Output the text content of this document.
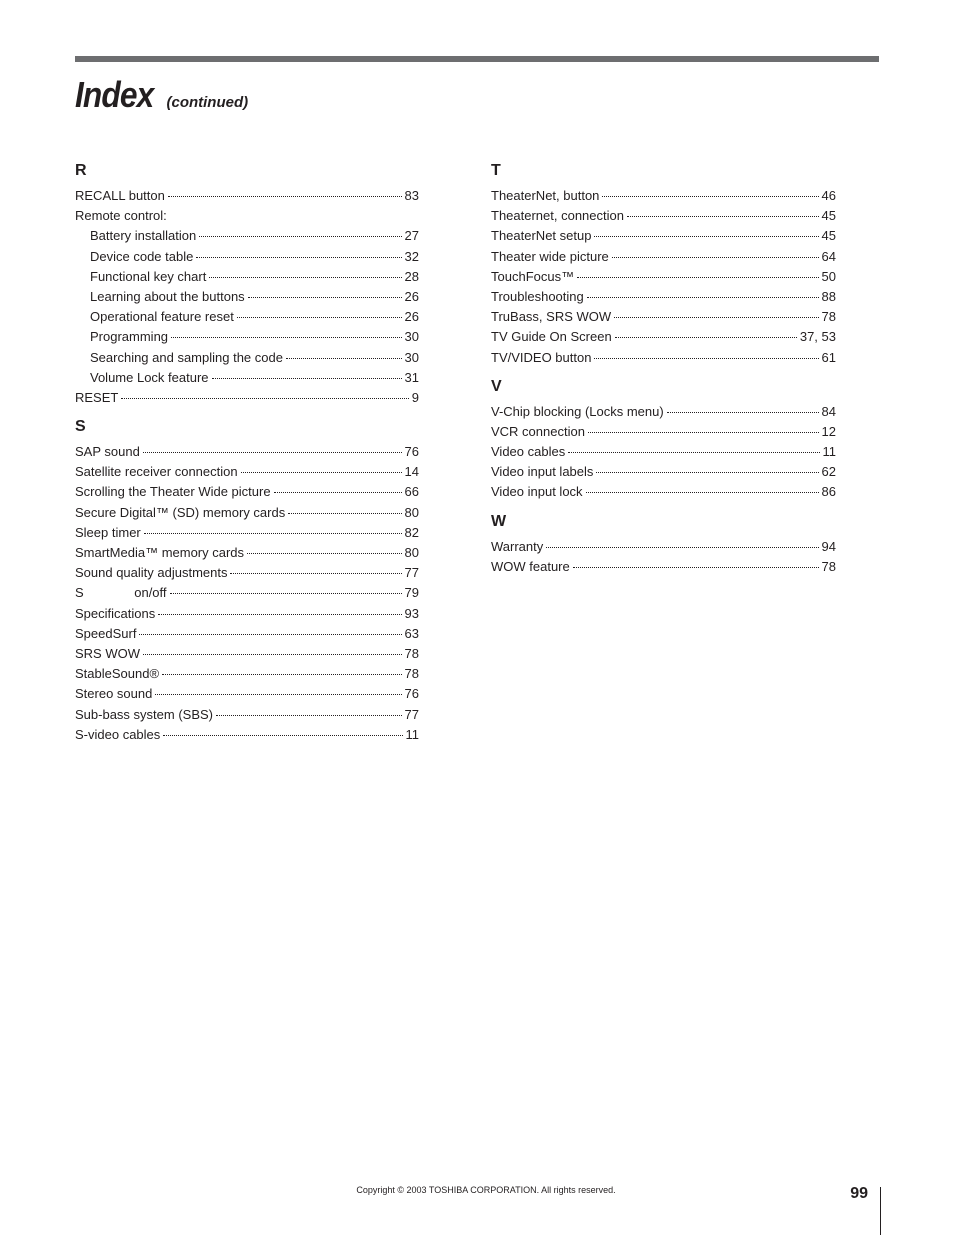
Index (continued)
R
RECALL button	83
Remote control:
Battery installation	27
Device code table	32
Functional key chart	28
Learning about the buttons	26
Operational feature reset	26
Programming	30
Searching and sampling the code	30
Volume Lock feature	31
RESET	9
S
SAP sound	76
Satellite receiver connection	14
Scrolling the Theater Wide picture	66
Secure Digital™ (SD) memory cards	80
Sleep timer	82
SmartMedia™ memory cards	80
Sound quality adjustments	77
S              on/off	79
Specifications	93
SpeedSurf	63
SRS WOW	78
StableSound®	78
Stereo sound	76
Sub-bass system (SBS)	77
S-video cables	11
T
TheaterNet, button	46
Theaternet, connection	45
TheaterNet setup	45
Theater wide picture	64
TouchFocus™	50
Troubleshooting	88
TruBass, SRS WOW	78
TV Guide On Screen	37, 53
TV/VIDEO button	61
V
V-Chip blocking (Locks menu)	84
VCR connection	12
Video cables	11
Video input labels	62
Video input lock	86
W
Warranty	94
WOW feature	78
Copyright © 2003 TOSHIBA CORPORATION. All rights reserved.	99
